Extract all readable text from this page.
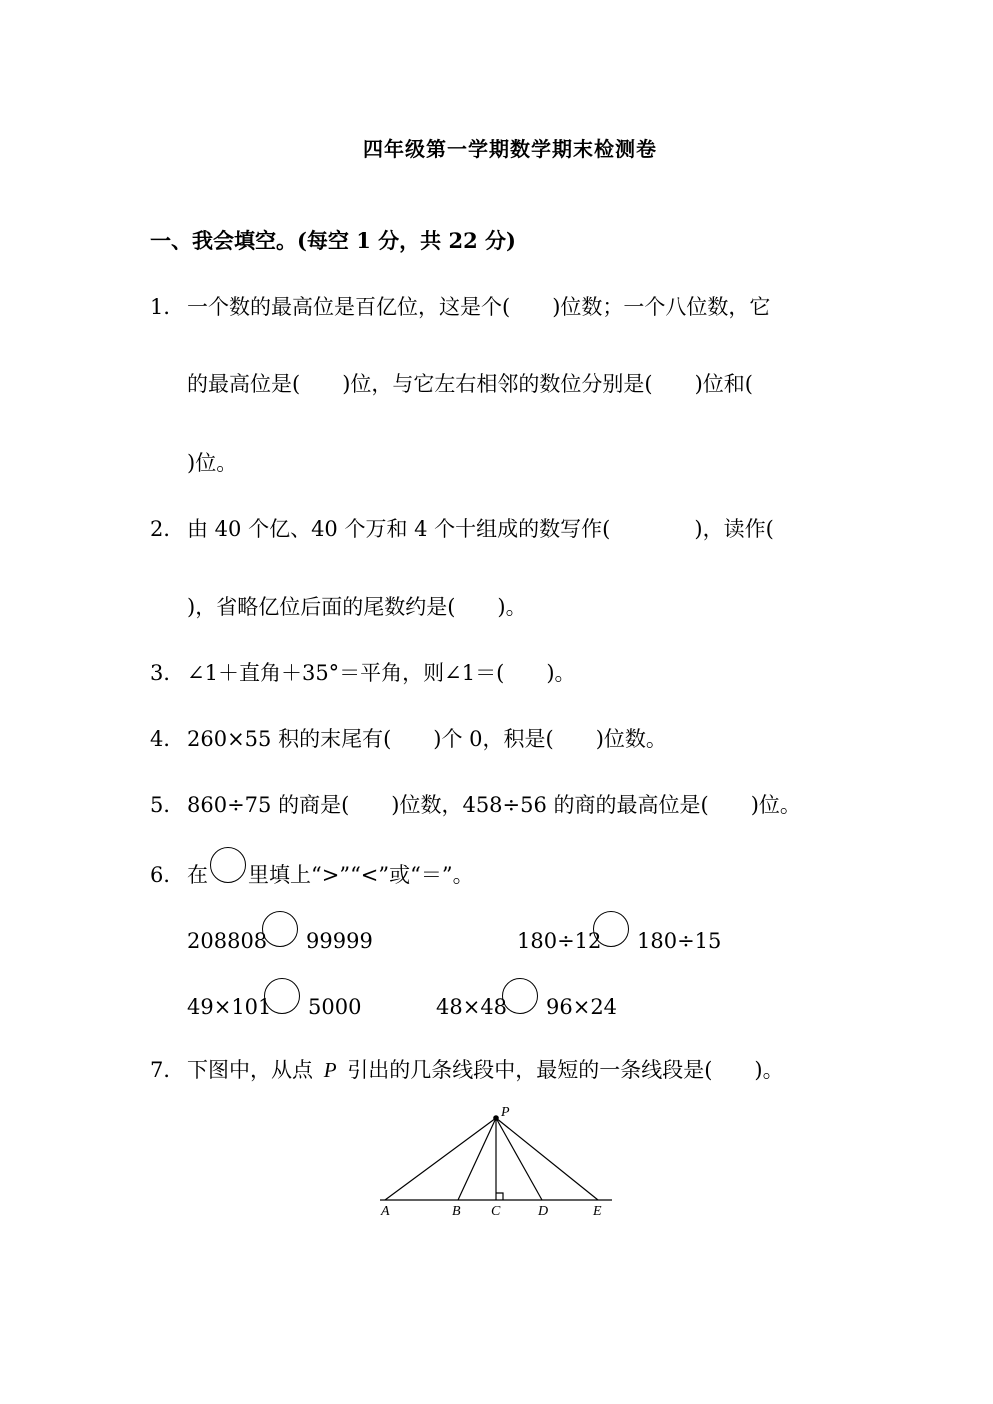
四年级第一学期数学期末检测卷
一、我会填空。(每空 1 分，共 22 分)
1． 一个数的最高位是百亿位，这是个(　　)位数；一个八位数，它
的最高位是(　　)位，与它左右相邻的数位分别是(　　)位和(
)位。
2． 由 40 个亿、40 个万和 4 个十组成的数写作(　　　　)，读作(
)，省略亿位后面的尾数约是(　　)。
3． ∠1＋直角＋35°＝平角，则∠1＝(　　)。
4． 260×55 积的末尾有(　　)个 0，积是(　　)位数。
5． 860÷75 的商是(　　)位数，458÷56 的商的最高位是(　　)位。
6． 在 里填上“>”“<”或“＝”。
208808 99999	180÷12 180÷15
49×101 5000	48×48 96×24
7． 下图中，从点 P 引出的几条线段中，最短的一条线段是(　　)。
P
A	B C	D	E
